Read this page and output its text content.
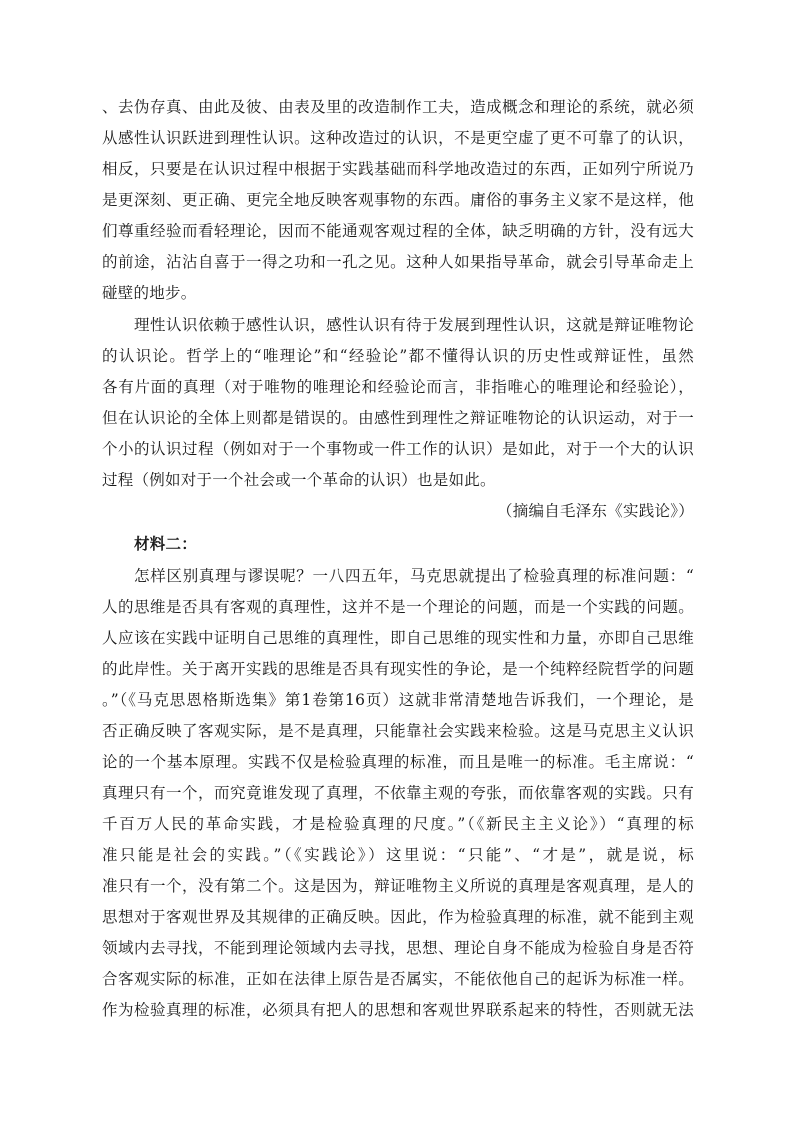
、去伪存真、由此及彼、由表及里的改造制作工夫，造成概念和理论的系统，就必须
从感性认识跃进到理性认识。这种改造过的认识，不是更空虚了更不可靠了的认识，
相反，只要是在认识过程中根据于实践基础而科学地改造过的东西，正如列宁所说乃
是更深刻、更正确、更完全地反映客观事物的东西。庸俗的事务主义家不是这样，他
们尊重经验而看轻理论，因而不能通观客观过程的全体，缺乏明确的方针，没有远大
的前途，沾沾自喜于一得之功和一孔之见。这种人如果指导革命，就会引导革命走上
碰壁的地步。
理性认识依赖于感性认识，感性认识有待于发展到理性认识，这就是辩证唯物论
的认识论。哲学上的“唯理论”和“经验论”都不懂得认识的历史性或辩证性，虽然
各有片面的真理（对于唯物的唯理论和经验论而言，非指唯心的唯理论和经验论），
但在认识论的全体上则都是错误的。由感性到理性之辩证唯物论的认识运动，对于一
个小的认识过程（例如对于一个事物或一件工作的认识）是如此，对于一个大的认识
过程（例如对于一个社会或一个革命的认识）也是如此。
（摘编自毛泽东《实践论》）
材料二：
怎样区别真理与谬误呢？一八四五年，马克思就提出了检验真理的标准问题：“
人的思维是否具有客观的真理性，这并不是一个理论的问题，而是一个实践的问题。
人应该在实践中证明自己思维的真理性，即自己思维的现实性和力量，亦即自己思维
的此岸性。关于离开实践的思维是否具有现实性的争论，是一个纯粹经院哲学的问题
。”（《马克思恩格斯选集》第1卷第16页）这就非常清楚地告诉我们，一个理论，是
否正确反映了客观实际，是不是真理，只能靠社会实践来检验。这是马克思主义认识
论的一个基本原理。实践不仅是检验真理的标准，而且是唯一的标准。毛主席说：“
真理只有一个，而究竟谁发现了真理，不依靠主观的夸张，而依靠客观的实践。只有
千百万人民的革命实践，才是检验真理的尺度。”（《新民主主义论》）“真理的标
准只能是社会的实践。”（《实践论》）这里说：“只能”、“才是”，就是说，标
准只有一个，没有第二个。这是因为，辩证唯物主义所说的真理是客观真理，是人的
思想对于客观世界及其规律的正确反映。因此，作为检验真理的标准，就不能到主观
领域内去寻找，不能到理论领域内去寻找，思想、理论自身不能成为检验自身是否符
合客观实际的标准，正如在法律上原告是否属实，不能依他自己的起诉为标准一样。
作为检验真理的标准，必须具有把人的思想和客观世界联系起来的特性，否则就无法
